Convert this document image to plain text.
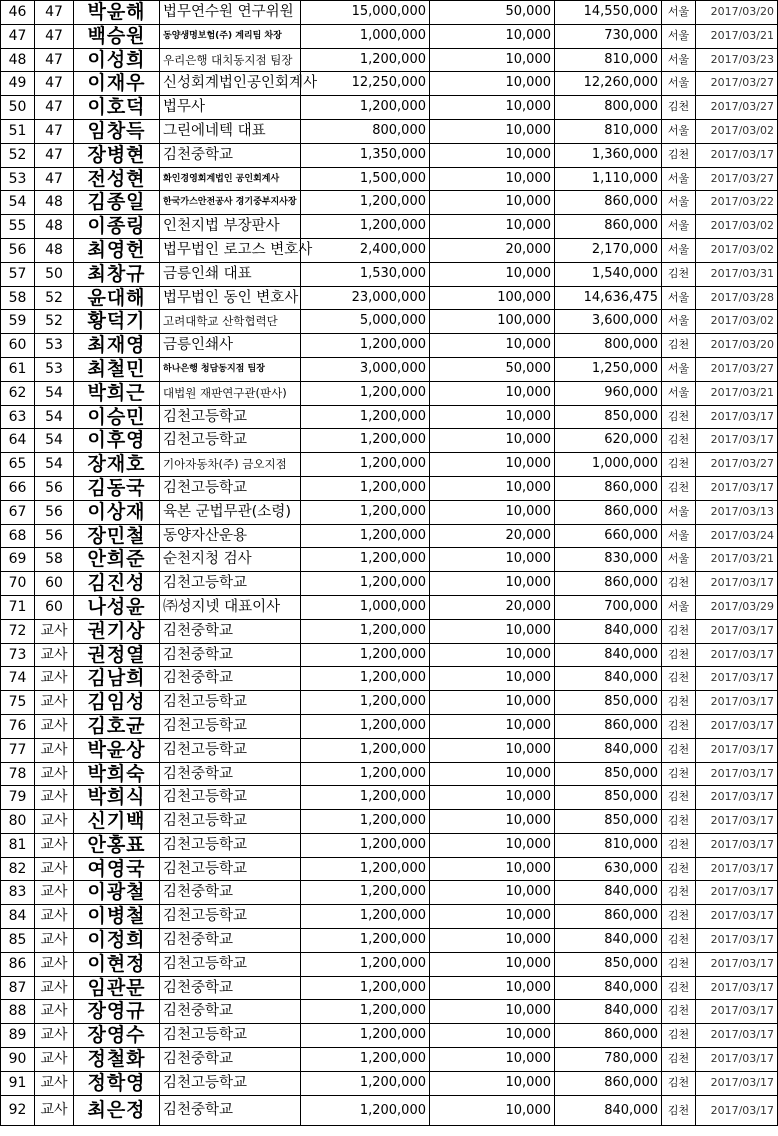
46	47	박윤해	법무연수원 연구위원	15,000,000	50,000	14,550,000	서울	2017/03/20
47	47	백승원	동양생명보험(주) 계리팀 차장	1,000,000	10,000	730,000	서울	2017/03/21
48	47	이성희	우리은행 대치동지점 팀장	1,200,000	10,000	810,000	서울	2017/03/23
49	47	이재우	신성회계법인공인회계사	12,250,000	10,000	12,260,000	서울	2017/03/27
50	47	이호덕	법무사	1,200,000	10,000	800,000	김천	2017/03/27
51	47	임창득	그린에네텍 대표	800,000	10,000	810,000	서울	2017/03/02
52	47	장병현	김천중학교	1,350,000	10,000	1,360,000	김천	2017/03/17
53	47	전성현	화인경영회계법인 공인회계사	1,500,000	10,000	1,110,000	서울	2017/03/27
54	48	김종일	한국가스안전공사 경기중부지사장	1,200,000	10,000	860,000	서울	2017/03/22
55	48	이종링	인천지법 부장판사	1,200,000	10,000	860,000	서울	2017/03/02
56	48	최영헌	법무법인 로고스 변호사	2,400,000	20,000	2,170,000	서울	2017/03/02
57	50	최창규	금릉인쇄 대표	1,530,000	10,000	1,540,000	김천	2017/03/31
58	52	윤대해	법무법인 동인 변호사	23,000,000	100,000	14,636,475	서울	2017/03/28
59	52	황덕기	고려대학교 산학협력단	5,000,000	100,000	3,600,000	서울	2017/03/02
60	53	최재영	금릉인쇄사	1,200,000	10,000	800,000	김천	2017/03/20
61	53	최철민	하나은행 청담동지점 팀장	3,000,000	50,000	1,250,000	서울	2017/03/27
62	54	박희근	대법원 재판연구관(판사)	1,200,000	10,000	960,000	서울	2017/03/21
63	54	이승민	김천고등학교	1,200,000	10,000	850,000	김천	2017/03/17
64	54	이후영	김천고등학교	1,200,000	10,000	620,000	김천	2017/03/17
65	54	장재호	기아자동차(주) 금오지점	1,200,000	10,000	1,000,000	김천	2017/03/27
66	56	김동국	김천고등학교	1,200,000	10,000	860,000	김천	2017/03/17
67	56	이상재	육본 군법무관(소령)	1,200,000	10,000	860,000	서울	2017/03/13
68	56	장민철	동양자산운용	1,200,000	20,000	660,000	서울	2017/03/24
69	58	안희준	순천지청 검사	1,200,000	10,000	830,000	서울	2017/03/21
70	60	김진성	김천고등학교	1,200,000	10,000	860,000	김천	2017/03/17
71	60	나성윤	㈜성지넷 대표이사	1,000,000	20,000	700,000	서울	2017/03/29
72	교사	권기상	김천중학교	1,200,000	10,000	840,000	김천	2017/03/17
73	교사	권정열	김천중학교	1,200,000	10,000	840,000	김천	2017/03/17
74	교사	김남희	김천중학교	1,200,000	10,000	840,000	김천	2017/03/17
75	교사	김임성	김천고등학교	1,200,000	10,000	850,000	김천	2017/03/17
76	교사	김호균	김천고등학교	1,200,000	10,000	860,000	김천	2017/03/17
77	교사	박윤상	김천고등학교	1,200,000	10,000	840,000	김천	2017/03/17
78	교사	박희숙	김천중학교	1,200,000	10,000	850,000	김천	2017/03/17
79	교사	박희식	김천고등학교	1,200,000	10,000	850,000	김천	2017/03/17
80	교사	신기백	김천고등학교	1,200,000	10,000	850,000	김천	2017/03/17
81	교사	안홍표	김천고등학교	1,200,000	10,000	810,000	김천	2017/03/17
82	교사	여영국	김천고등학교	1,200,000	10,000	630,000	김천	2017/03/17
83	교사	이광철	김천중학교	1,200,000	10,000	840,000	김천	2017/03/17
84	교사	이병철	김천고등학교	1,200,000	10,000	860,000	김천	2017/03/17
85	교사	이정희	김천중학교	1,200,000	10,000	840,000	김천	2017/03/17
86	교사	이현정	김천고등학교	1,200,000	10,000	850,000	김천	2017/03/17
87	교사	임관문	김천중학교	1,200,000	10,000	840,000	김천	2017/03/17
88	교사	장영규	김천중학교	1,200,000	10,000	840,000	김천	2017/03/17
89	교사	장영수	김천고등학교	1,200,000	10,000	860,000	김천	2017/03/17
90	교사	정철화	김천중학교	1,200,000	10,000	780,000	김천	2017/03/17
91	교사	정학영	김천고등학교	1,200,000	10,000	860,000	김천	2017/03/17
92	교사	최은정	김천중학교	1,200,000	10,000	840,000	김천	2017/03/17
